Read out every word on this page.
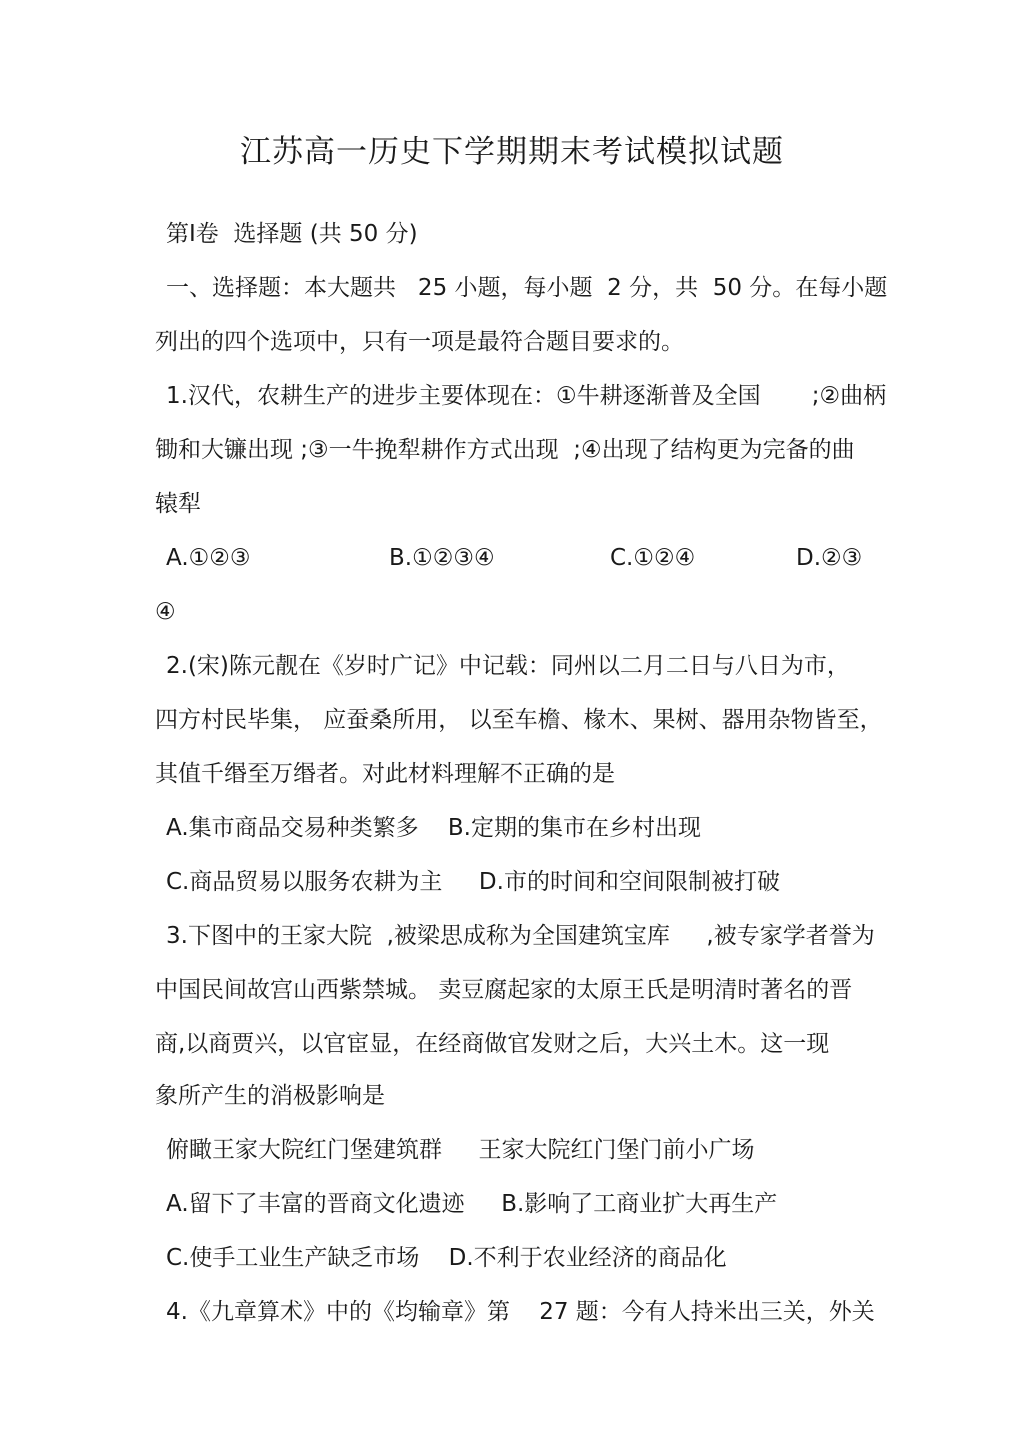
江苏高一历史下学期期末考试模拟试题
第Ⅰ卷  选择题 (共 50 分)
一、选择题：本大题共   25 小题，每小题  2 分，共  50 分。在每小题
列出的四个选项中，只有一项是最符合题目要求的。
1.汉代，农耕生产的进步主要体现在：①牛耕逐渐普及全国       ;②曲柄
锄和大镰出现 ;③一牛挽犁耕作方式出现  ;④出现了结构更为完备的曲
辕犁
A.①②③	B.①②③④	C.①②④	D.②③
④
2.(宋)陈元靓在《岁时广记》中记载：同州以二月二日与八日为市，
四方村民毕集， 应蚕桑所用， 以至车檐、椽木、果树、器用杂物皆至，
其值千缗至万缗者。对此材料理解不正确的是
A.集市商品交易种类繁多    B.定期的集市在乡村出现
C.商品贸易以服务农耕为主     D.市的时间和空间限制被打破
3.下图中的王家大院  ,被梁思成称为全国建筑宝库     ,被专家学者誉为
中国民间故宫山西紫禁城。 卖豆腐起家的太原王氏是明清时著名的晋
商,以商贾兴，以官宦显，在经商做官发财之后，大兴土木。这一现
象所产生的消极影响是
俯瞰王家大院红门堡建筑群     王家大院红门堡门前小广场
A.留下了丰富的晋商文化遗迹     B.影响了工商业扩大再生产
C.使手工业生产缺乏市场    D.不利于农业经济的商品化
4.《九章算术》中的《均输章》第    27 题：今有人持米出三关，外关
